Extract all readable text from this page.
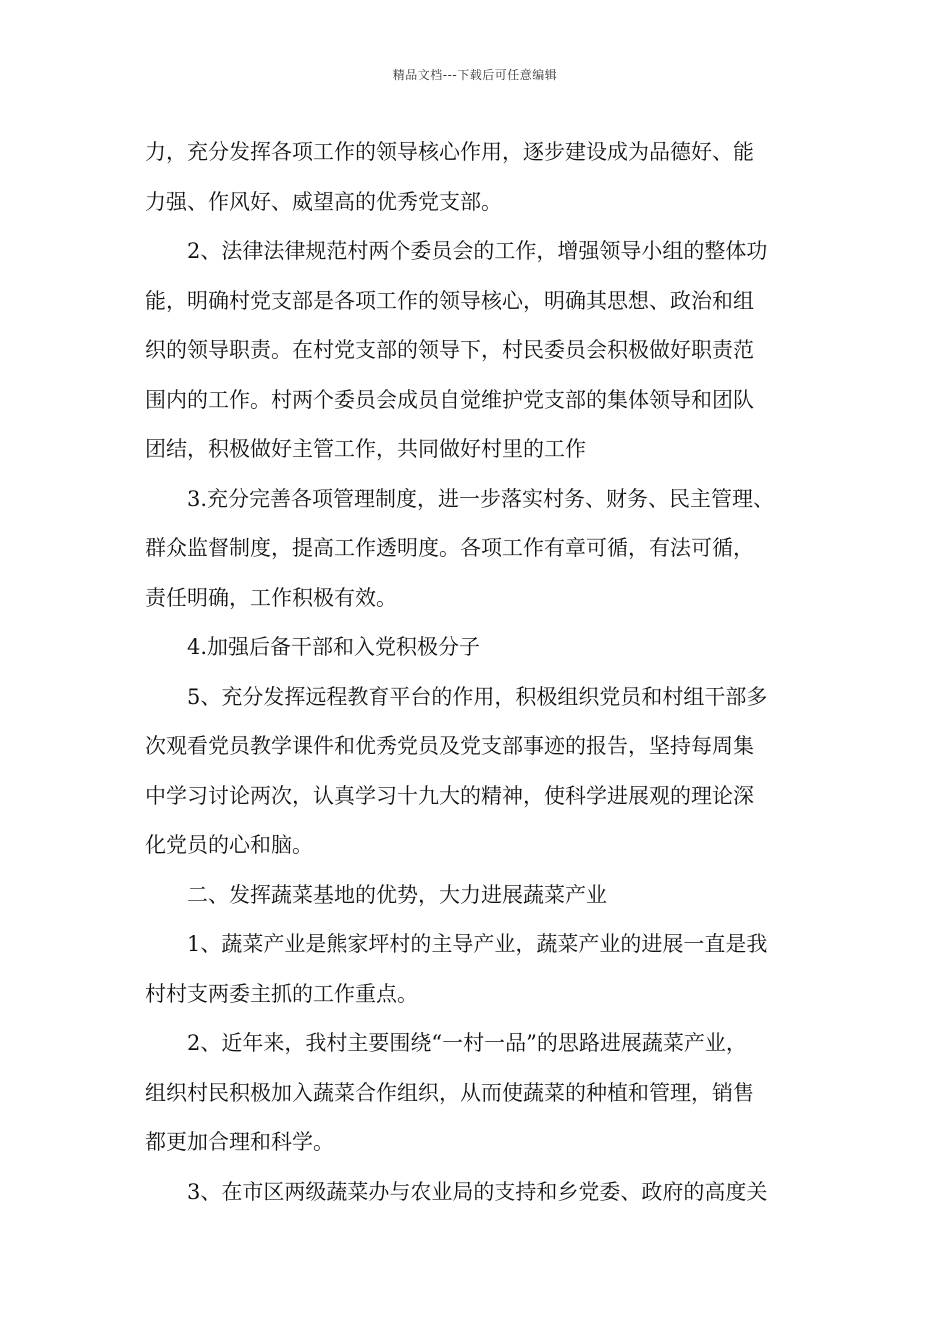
精品文档---下载后可任意编辑
力，充分发挥各项工作的领导核心作用，逐步建设成为品德好、能
力强、作风好、威望高的优秀党支部。
2、法律法律规范村两个委员会的工作，增强领导小组的整体功
能，明确村党支部是各项工作的领导核心，明确其思想、政治和组
织的领导职责。在村党支部的领导下，村民委员会积极做好职责范
围内的工作。村两个委员会成员自觉维护党支部的集体领导和团队
团结，积极做好主管工作，共同做好村里的工作
3.充分完善各项管理制度，进一步落实村务、财务、民主管理、
群众监督制度，提高工作透明度。各项工作有章可循，有法可循，
责任明确，工作积极有效。
4.加强后备干部和入党积极分子
5、充分发挥远程教育平台的作用，积极组织党员和村组干部多
次观看党员教学课件和优秀党员及党支部事迹的报告，坚持每周集
中学习讨论两次，认真学习十九大的精神，使科学进展观的理论深
化党员的心和脑。
二、发挥蔬菜基地的优势，大力进展蔬菜产业
1、蔬菜产业是熊家坪村的主导产业，蔬菜产业的进展一直是我
村村支两委主抓的工作重点。
2、近年来，我村主要围绕“一村一品”的思路进展蔬菜产业，
组织村民积极加入蔬菜合作组织，从而使蔬菜的种植和管理，销售
都更加合理和科学。
3、在市区两级蔬菜办与农业局的支持和乡党委、政府的高度关
